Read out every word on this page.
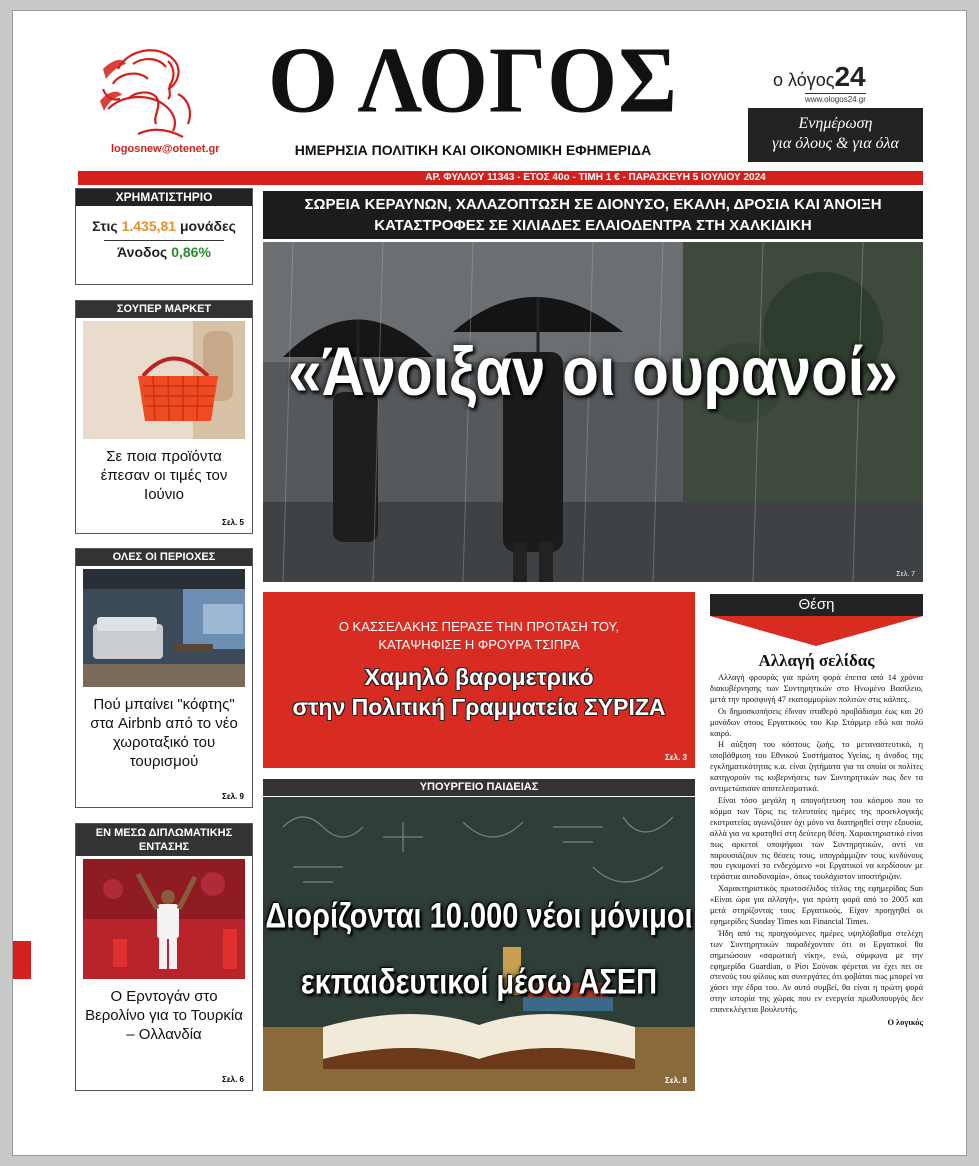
logosnew@otenet.gr
Ο ΛΟΓΟΣ
ΗΜΕΡΗΣΙΑ ΠΟΛΙΤΙΚΗ ΚΑΙ ΟΙΚΟΝΟΜΙΚΗ ΕΦΗΜΕΡΙΔΑ
ο λόγος24
www.ologos24.gr
Ενημέρωση
για όλους & για όλα
ΑΡ. ΦΥΛΛΟΥ 11343 - ΕΤΟΣ 40ο - ΤΙΜΗ 1 € - ΠΑΡΑΣΚΕΥΗ 5 ΙΟΥΛΙΟΥ 2024
ΧΡΗΜΑΤΙΣΤΗΡΙΟ
Στις 1.435,81 μονάδες
Άνοδος 0,86%
ΣΟΥΠΕΡ ΜΑΡΚΕΤ
Σε ποια προϊόντα έπεσαν οι τιμές τον Ιούνιο
Σελ. 5
ΟΛΕΣ ΟΙ ΠΕΡΙΟΧΕΣ
Πού μπαίνει "κόφτης" στα Airbnb από το νέο χωροταξικό του τουρισμού
Σελ. 9
ΕΝ ΜΕΣΩ ΔΙΠΛΩΜΑΤΙΚΗΣ
ΕΝΤΑΣΗΣ
Ο Ερντογάν στο Βερολίνο για το Τουρκία – Ολλανδία
Σελ. 6
ΣΩΡΕΙΑ ΚΕΡΑΥΝΩΝ, ΧΑΛΑΖΟΠΤΩΣΗ ΣΕ ΔΙΟΝΥΣΟ, ΕΚΑΛΗ, ΔΡΟΣΙΑ ΚΑΙ ΆΝΟΙΞΗ
ΚΑΤΑΣΤΡΟΦΕΣ ΣΕ ΧΙΛΙΑΔΕΣ ΕΛΑΙΟΔΕΝΤΡΑ ΣΤΗ ΧΑΛΚΙΔΙΚΗ
«Άνοιξαν οι ουρανοί»
Σελ. 7
Ο ΚΑΣΣΕΛΑΚΗΣ ΠΕΡΑΣΕ ΤΗΝ ΠΡΟΤΑΣΗ ΤΟΥ,
ΚΑΤΑΨΗΦΙΣΕ Η ΦΡΟΥΡΑ ΤΣΙΠΡΑ
Χαμηλό βαρομετρικό
στην Πολιτική Γραμματεία ΣΥΡΙΖΑ
Σελ. 3
ΥΠΟΥΡΓΕΙΟ ΠΑΙΔΕΙΑΣ
Διορίζονται 10.000 νέοι μόνιμοι
εκπαιδευτικοί μέσω ΑΣΕΠ
Σελ. 8
Θέση
Αλλαγή σελίδας

Αλλαγή φρουράς για πρώτη φορά έπειτα από 14 χρόνια διακυβέρνησης των Συντηρητικών στο Ηνωμένο Βασίλειο, μετά την προσφυγή 47 εκατομμυρίων πολιτών στις κάλπες.

Οι δημοσκοπήσεις έδιναν σταθερό προβάδισμα έως και 20 μονάδων στους Εργατικούς του Κιρ Στάρμερ εδώ και πολύ καιρό.

Η αύξηση του κόστους ζωής, το μεταναστευτικό, η υποβάθμιση του Εθνικού Συστήματος Υγείας, η άνοδος της εγκληματικότητας κ.α. είναι ζητήματα για τα οποία οι πολίτες κατηγορούν τις κυβερνήσεις των Συντηρητικών πως δεν τα αντιμετώπισαν αποτελεσματικά.

Είναι τόσο μεγάλη η απογοήτευση του κόσμου που το κόμμα των Τόρις τις τελευταίες ημέρες της προεκλογικής εκστρατείας αγωνιζόταν όχι μόνο να διατηρηθεί στην εξουσία, αλλά για να κρατηθεί στη δεύτερη θέση. Χαρακτηριστικό είναι πως αρκετοί υποψήφιοι των Συντηρητικών, αντί να παρουσιάζουν τις θέσεις τους, υπογράμμιζαν τους κινδύνους που εγκυμονεί το ενδεχόμενο «οι Εργατικοί να κερδίσουν με τεράστια αυτοδυναμία», όπως τουλάχιστον υποστήριζαν.

Χαρακτηριστικός πρωτοσέλιδος τίτλος της εφημερίδας Sun «Είναι ώρα για αλλαγή», για πρώτη φορά από το 2005 και μετά στηρίζοντας τους Εργατικούς. Είχαν προηγηθεί οι εφημερίδες Sunday Times και Financial Times.

Ήδη από τις προηγούμενες ημέρες υψηλόβαθμα στελέχη των Συντηρητικών παραδέχονταν ότι οι Εργατικοί θα σημειώσουν «σαρωτική νίκη», ενώ, σύμφωνα με την εφημερίδα Guardian, ο Ρίσι Σούνακ φέρεται να έχει πει σε στενούς του φίλους και συνεργάτες ότι φοβάται πως μπορεί να χάσει την έδρα του. Αν αυτό συμβεί, θα είναι η πρώτη φορά στην ιστορία της χώρας που εν ενεργεία πρωθυπουργός δεν επανεκλέγεται βουλευτής.

Ο λογικός
